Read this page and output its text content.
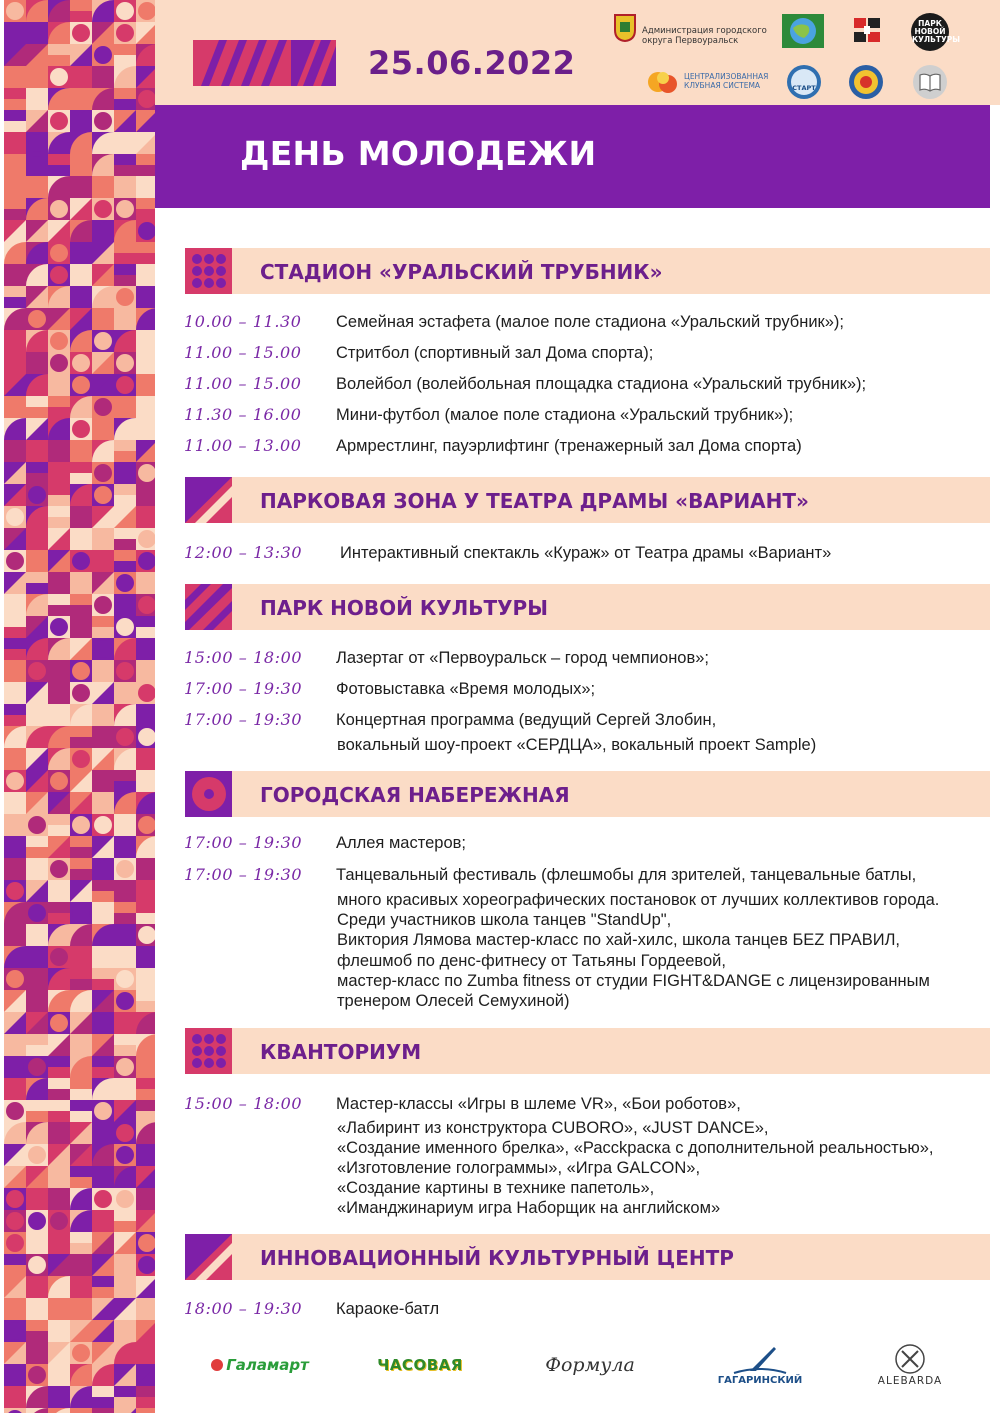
25.06.2022
Администрация городского округа Первоуральск
ПАРК НОВОЙ КУЛЬТУРЫ
ЦЕНТРАЛИЗОВАННАЯ КЛУБНАЯ СИСТЕМА	СТАРТ
ДЕНЬ МОЛОДЕЖИ
СТАДИОН «УРАЛЬСКИЙ ТРУБНИК»
10.00 – 11.30	Семейная эстафета (малое поле стадиона «Уральский трубник»);
11.00 – 15.00	Стритбол (спортивный зал Дома спорта);
11.00 – 15.00	Волейбол (волейбольная площадка стадиона «Уральский трубник»);
11.30 – 16.00	Мини-футбол (малое поле стадиона «Уральский трубник»);
11.00 – 13.00	Армрестлинг, пауэрлифтинг (тренажерный зал Дома спорта)
ПАРКОВАЯ ЗОНА У ТЕАТРА ДРАМЫ «ВАРИАНТ»
12:00 – 13:30	Интерактивный спектакль «Кураж» от Театра драмы «Вариант»
ПАРК НОВОЙ КУЛЬТУРЫ
15:00 – 18:00	Лазертаг от «Первоуральск – город чемпионов»;
17:00 – 19:30	Фотовыставка «Время молодых»;
17:00 – 19:30	Концертная программа (ведущий Сергей Злобин,
вокальный шоу-проект «СЕРДЦА», вокальный проект Sample)
ГОРОДСКАЯ НАБЕРЕЖНАЯ
17:00 – 19:30	Аллея мастеров;
17:00 – 19:30	Танцевальный фестиваль (флешмобы для зрителей, танцевальные батлы,
много красивых хореографических постановок от лучших коллективов города.
Среди участников школа танцев "StandUp",
Виктория Лямова мастер-класс по хай-хилс, школа танцев БЕZ ПРАВИЛ,
флешмоб по денс-фитнесу от Татьяны Гордеевой,
мастер-класс по Zumba fitness от студии FIGHT&DANGE с лицензированным
тренером Олесей Семухиной)
КВАНТОРИУМ
15:00 – 18:00	Мастер-классы «Игры в шлеме VR», «Бои роботов»,
«Лабиринт из конструктора CUBORO», «JUST DANCE»,
«Создание именного брелка», «Рассkраска с дополнительной реальностью»,
«Изготовление голограммы», «Игра GALCON»,
«Создание картины в технике папетоль»,
«Иманджинариум игра Наборщик на английском»
ИННОВАЦИОННЫЙ КУЛЬТУРНЫЙ ЦЕНТР
18:00 – 19:30	Караоке-батл
Галамарт	ЧАСОВАЯ	Формула
ГАГАРИНСКИЙ	ALEBARDA
